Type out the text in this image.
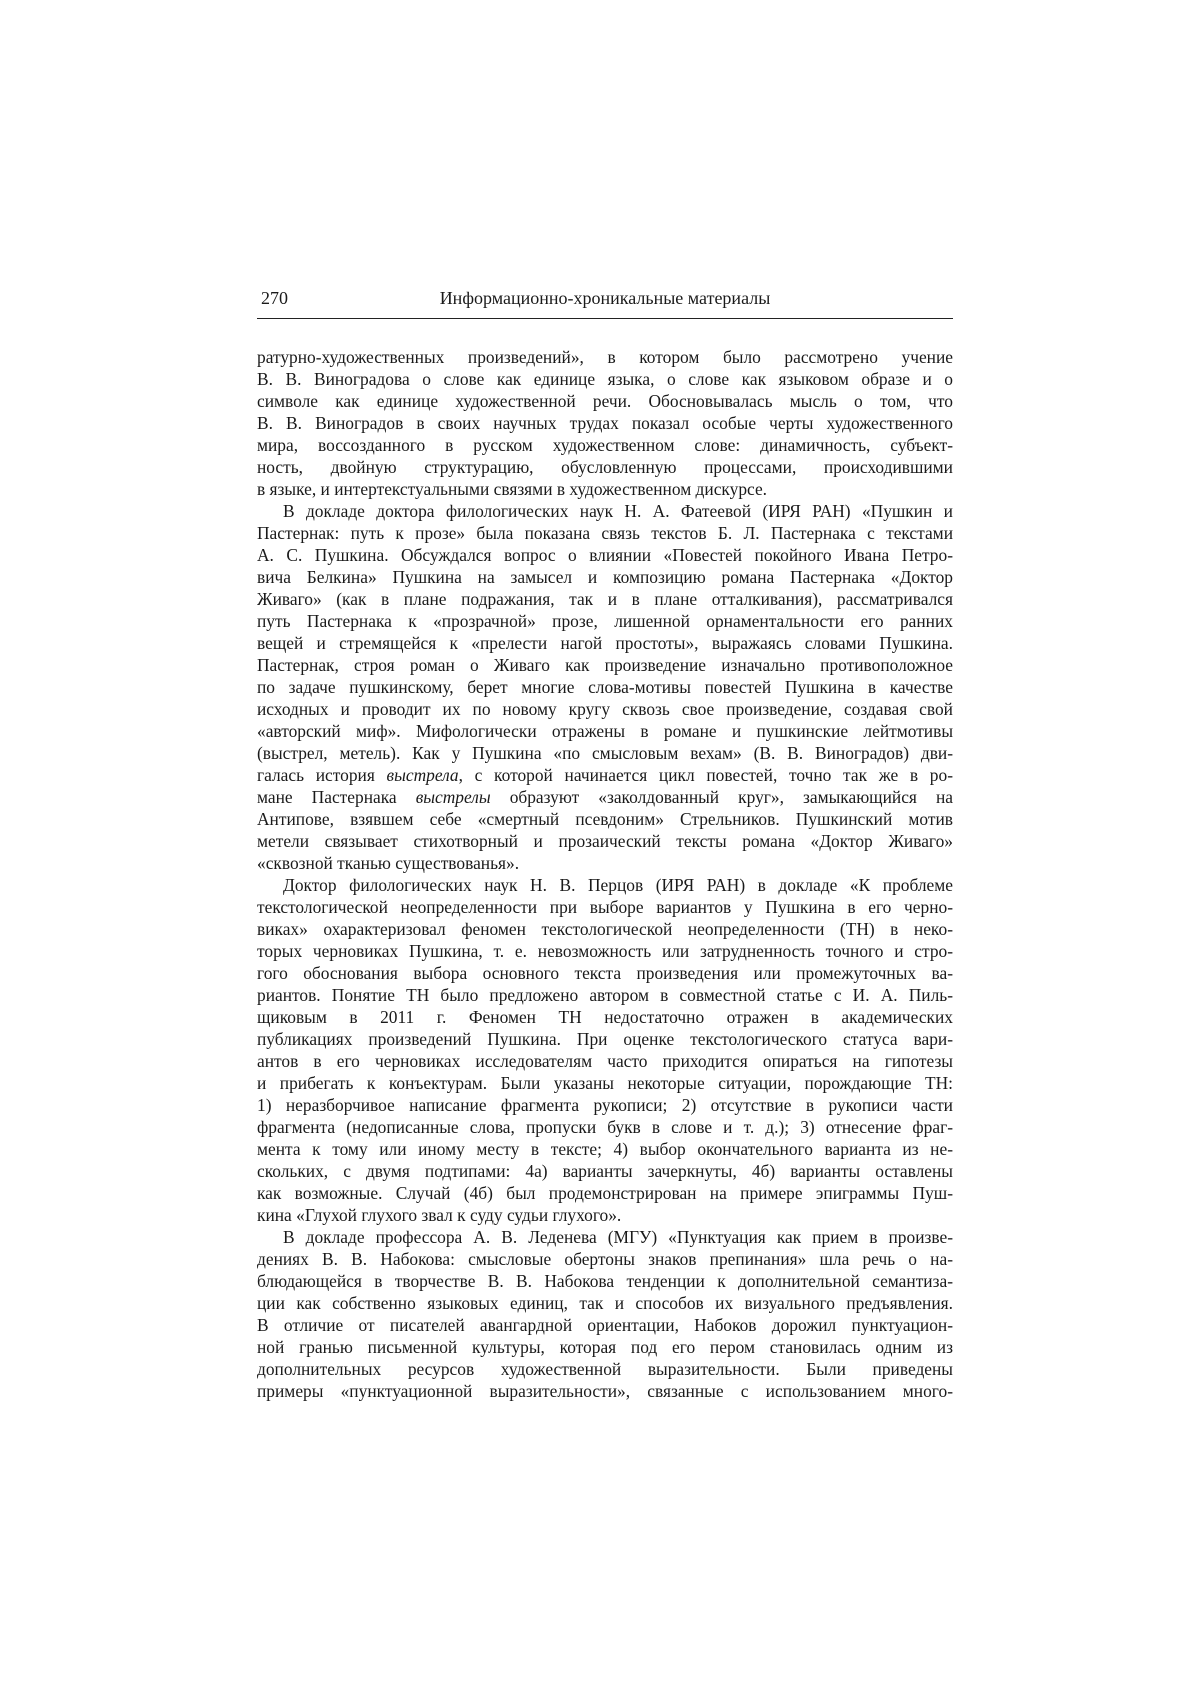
270	Информационно-хроникальные материалы
ратурно-художественных произведений», в котором было рассмотрено учение
В. В. Виноградова о слове как единице языка, о слове как языковом образе и о
символе как единице художественной речи. Обосновывалась мысль о том, что
В. В. Виноградов в своих научных трудах показал особые черты художественного
мира, воссозданного в русском художественном слове: динамичность, субъект-
ность, двойную структурацию, обусловленную процессами, происходившими
в языке, и интертекстуальными связями в художественном дискурсе.
В докладе доктора филологических наук Н. А. Фатеевой (ИРЯ РАН) «Пушкин и
Пастернак: путь к прозе» была показана связь текстов Б. Л. Пастернака с текстами
А. С. Пушкина. Обсуждался вопрос о влиянии «Повестей покойного Ивана Петро-
вича Белкина» Пушкина на замысел и композицию романа Пастернака «Доктор
Живаго» (как в плане подражания, так и в плане отталкивания), рассматривался
путь Пастернака к «прозрачной» прозе, лишенной орнаментальности его ранних
вещей и стремящейся к «прелести нагой простоты», выражаясь словами Пушкина.
Пастернак, строя роман о Живаго как произведение изначально противоположное
по задаче пушкинскому, берет многие слова-мотивы повестей Пушкина в качестве
исходных и проводит их по новому кругу сквозь свое произведение, создавая свой
«авторский миф». Мифологически отражены в романе и пушкинские лейтмотивы
(выстрел, метель). Как у Пушкина «по смысловым вехам» (В. В. Виноградов) дви-
галась история выстрела, с которой начинается цикл повестей, точно так же в ро-
мане Пастернака выстрелы образуют «заколдованный круг», замыкающийся на
Антипове, взявшем себе «смертный псевдоним» Стрельников. Пушкинский мотив
метели связывает стихотворный и прозаический тексты романа «Доктор Живаго»
«сквозной тканью существованья».
Доктор филологических наук Н. В. Перцов (ИРЯ РАН) в докладе «К проблеме
текстологической неопределенности при выборе вариантов у Пушкина в его черно-
виках» охарактеризовал феномен текстологической неопределенности (ТН) в неко-
торых черновиках Пушкина, т. е. невозможность или затрудненность точного и стро-
гого обоснования выбора основного текста произведения или промежуточных ва-
риантов. Понятие ТН было предложено автором в совместной статье с И. А. Пиль-
щиковым в 2011 г. Феномен ТН недостаточно отражен в академических
публикациях произведений Пушкина. При оценке текстологического статуса вари-
антов в его черновиках исследователям часто приходится опираться на гипотезы
и прибегать к конъектурам. Были указаны некоторые ситуации, порождающие ТН:
1) неразборчивое написание фрагмента рукописи; 2) отсутствие в рукописи части
фрагмента (недописанные слова, пропуски букв в слове и т. д.); 3) отнесение фраг-
мента к тому или иному месту в тексте; 4) выбор окончательного варианта из не-
скольких, с двумя подтипами: 4а) варианты зачеркнуты, 4б) варианты оставлены
как возможные. Случай (4б) был продемонстрирован на примере эпиграммы Пуш-
кина «Глухой глухого звал к суду судьи глухого».
В докладе профессора А. В. Леденева (МГУ) «Пунктуация как прием в произве-
дениях В. В. Набокова: смысловые обертоны знаков препинания» шла речь о на-
блюдающейся в творчестве В. В. Набокова тенденции к дополнительной семантиза-
ции как собственно языковых единиц, так и способов их визуального предъявления.
В отличие от писателей авангардной ориентации, Набоков дорожил пунктуацион-
ной гранью письменной культуры, которая под его пером становилась одним из
дополнительных ресурсов художественной выразительности. Были приведены
примеры «пунктуационной выразительности», связанные с использованием много-
